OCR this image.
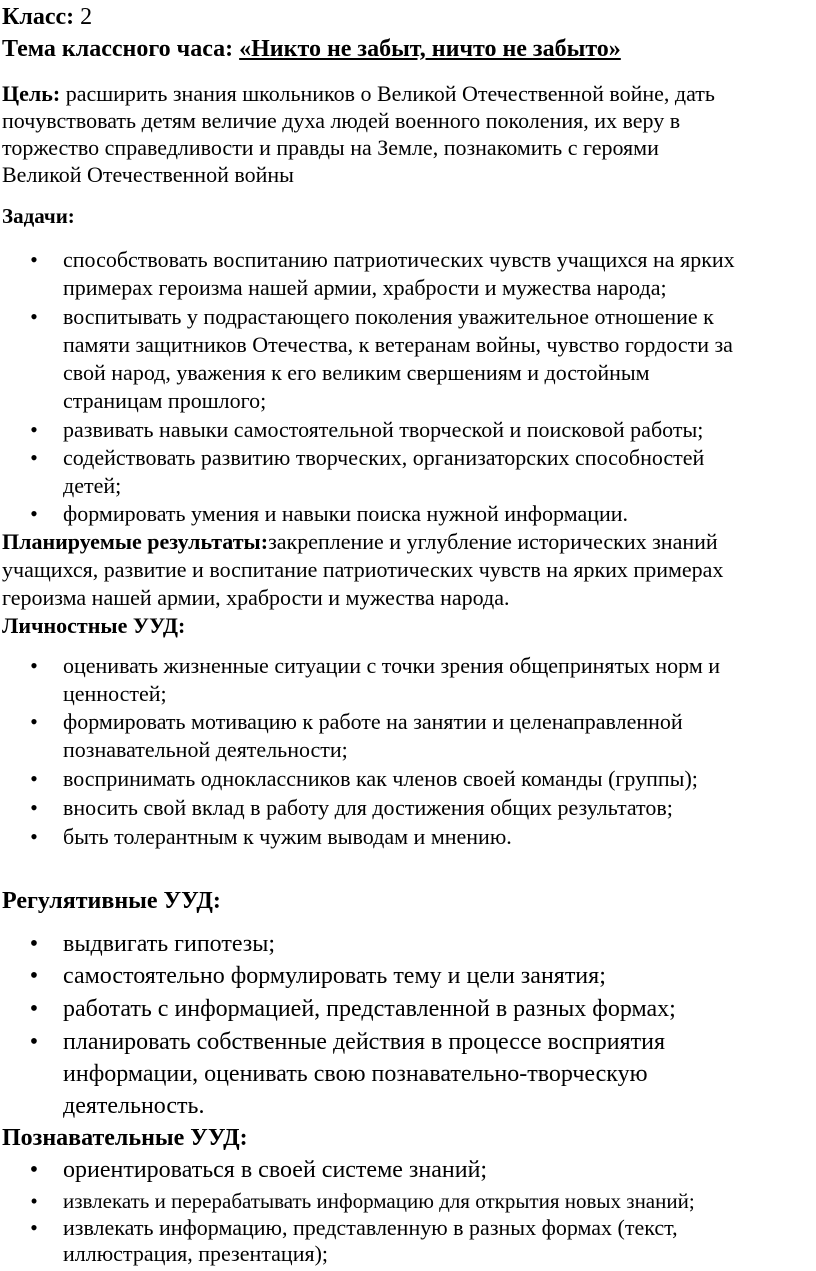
Класс: 2
Тема классного часа: «Никто не забыт, ничто не забыто»
Цель: расширить знания школьников о Великой Отечественной войне, дать
почувствовать детям величие духа людей военного поколения, их веру в
торжество справедливости и правды на Земле, познакомить с героями
Великой Отечественной войны
Задачи:
•
способствовать воспитанию патриотических чувств учащихся на ярких
примерах героизма нашей армии, храбрости и мужества народа;
•
воспитывать у подрастающего поколения уважительное отношение к
памяти защитников Отечества, к ветеранам войны, чувство гордости за
свой народ, уважения к его великим свершениям и достойным
страницам прошлого;
•
развивать навыки самостоятельной творческой и поисковой работы;
•
содействовать развитию творческих, организаторских способностей
детей;
•
формировать умения и навыки поиска нужной информации.
Планируемые результаты:закрепление и углубление исторических знаний
учащихся, развитие и воспитание патриотических чувств на ярких примерах
героизма нашей армии, храбрости и мужества народа.
Личностные УУД:
•
оценивать жизненные ситуации с точки зрения общепринятых норм и
ценностей;
•
формировать мотивацию к работе на занятии и целенаправленной
познавательной деятельности;
•
воспринимать одноклассников как членов своей команды (группы);
•
вносить свой вклад в работу для достижения общих результатов;
•
быть толерантным к чужим выводам и мнению.
Регулятивные УУД:
•
выдвигать гипотезы;
•
самостоятельно формулировать тему и цели занятия;
•
работать с информацией, представленной в разных формах;
•
планировать собственные действия в процессе восприятия
информации, оценивать свою познавательно-творческую
деятельность.
Познавательные УУД:
•
ориентироваться в своей системе знаний;
•
извлекать и перерабатывать информацию для открытия новых знаний;
•
извлекать информацию, представленную в разных формах (текст,
иллюстрация, презентация);
